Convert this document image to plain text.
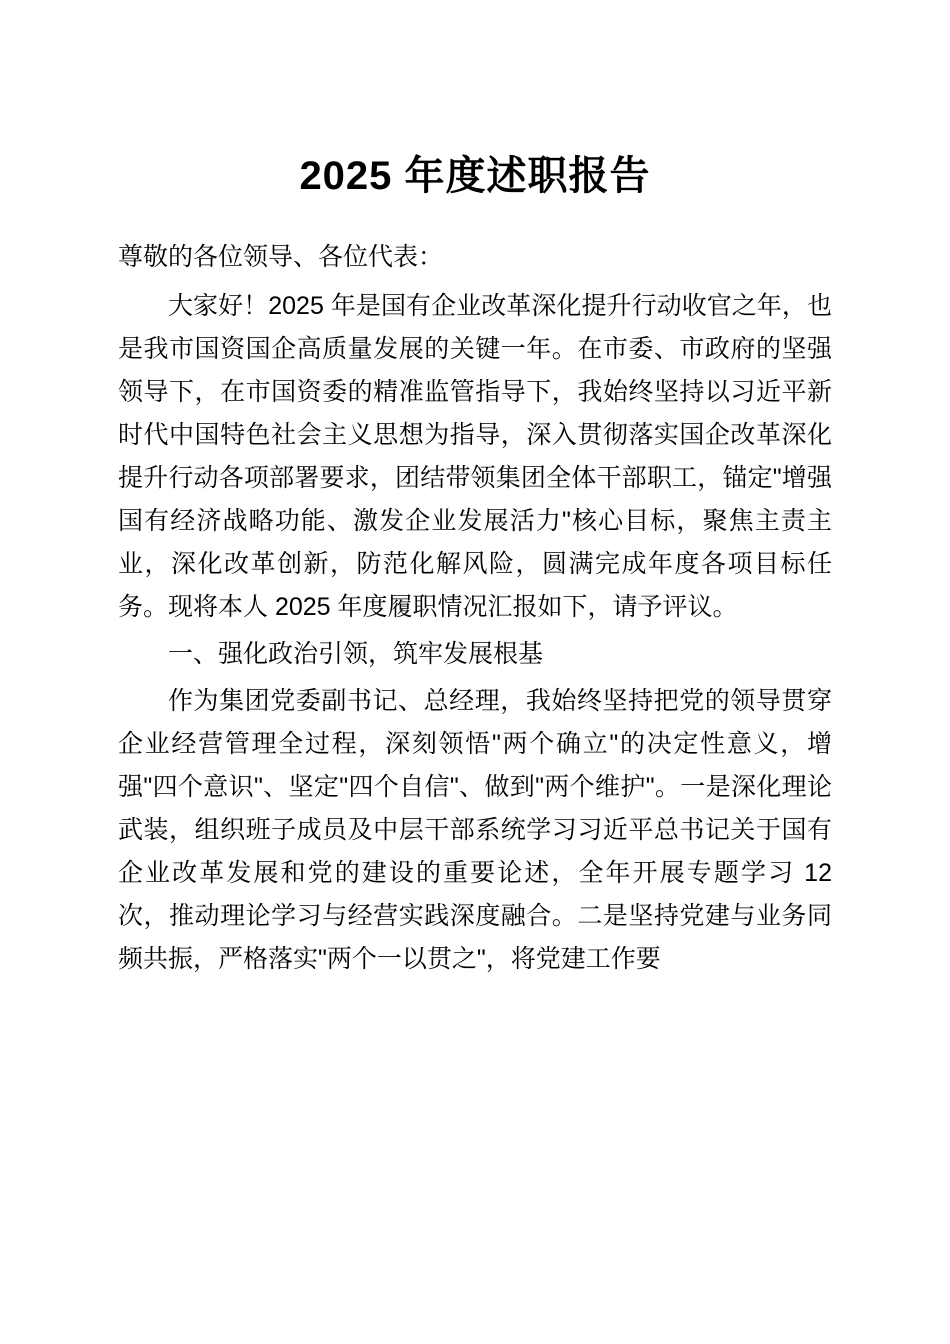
2025 年度述职报告

尊敬的各位领导、各位代表：

大家好！2025 年是国有企业改革深化提升行动收官之年，也是我市国资国企高质量发展的关键一年。在市委、市政府的坚强领导下，在市国资委的精准监管指导下，我始终坚持以习近平新时代中国特色社会主义思想为指导，深入贯彻落实国企改革深化提升行动各项部署要求，团结带领集团全体干部职工，锚定"增强国有经济战略功能、激发企业发展活力"核心目标，聚焦主责主业，深化改革创新，防范化解风险，圆满完成年度各项目标任务。现将本人 2025 年度履职情况汇报如下，请予评议。

一、强化政治引领，筑牢发展根基

作为集团党委副书记、总经理，我始终坚持把党的领导贯穿企业经营管理全过程，深刻领悟"两个确立"的决定性意义，增强"四个意识"、坚定"四个自信"、做到"两个维护"。一是深化理论武装，组织班子成员及中层干部系统学习习近平总书记关于国有企业改革发展和党的建设的重要论述，全年开展专题学习 12 次，推动理论学习与经营实践深度融合。二是坚持党建与业务同频共振，严格落实"两个一以贯之"，将党建工作要
